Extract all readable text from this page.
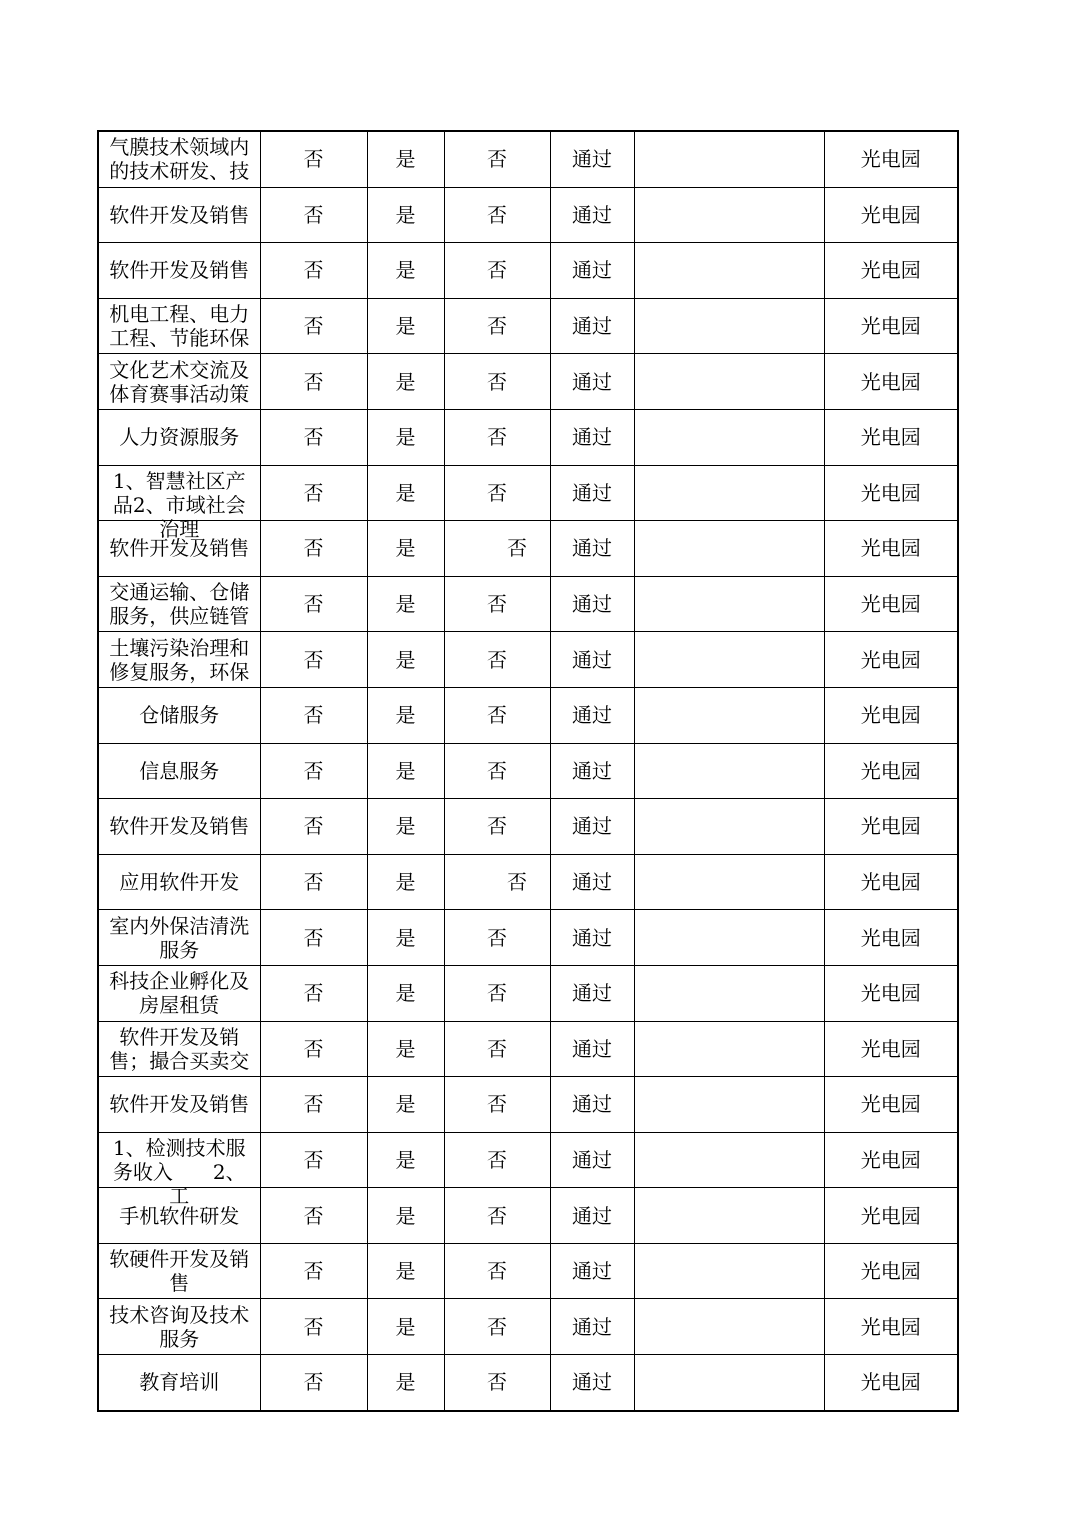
气膜技术领域内的技术研发、技	否	是	否	通过		光电园

软件开发及销售	否	是	否	通过		光电园

软件开发及销售	否	是	否	通过		光电园

机电工程、电力工程、节能环保	否	是	否	通过		光电园

文化艺术交流及体育赛事活动策	否	是	否	通过		光电园

人力资源服务	否	是	否	通过		光电园

1、智慧社区产品2、市域社会治理	否	是	否	通过		光电园

软件开发及销售	否	是	否	通过		光电园

交通运输、仓储服务，供应链管	否	是	否	通过		光电园

土壤污染治理和修复服务，环保	否	是	否	通过		光电园

仓储服务	否	是	否	通过		光电园

信息服务	否	是	否	通过		光电园

软件开发及销售	否	是	否	通过		光电园

应用软件开发	否	是	否	通过		光电园

室内外保洁清洗服务	否	是	否	通过		光电园

科技企业孵化及房屋租赁	否	是	否	通过		光电园

软件开发及销售；撮合买卖交	否	是	否	通过		光电园

软件开发及销售	否	是	否	通过		光电园

1、检测技术服务收入　　2、工	否	是	否	通过		光电园

手机软件研发	否	是	否	通过		光电园

软硬件开发及销售	否	是	否	通过		光电园

技术咨询及技术服务	否	是	否	通过		光电园

教育培训	否	是	否	通过		光电园
